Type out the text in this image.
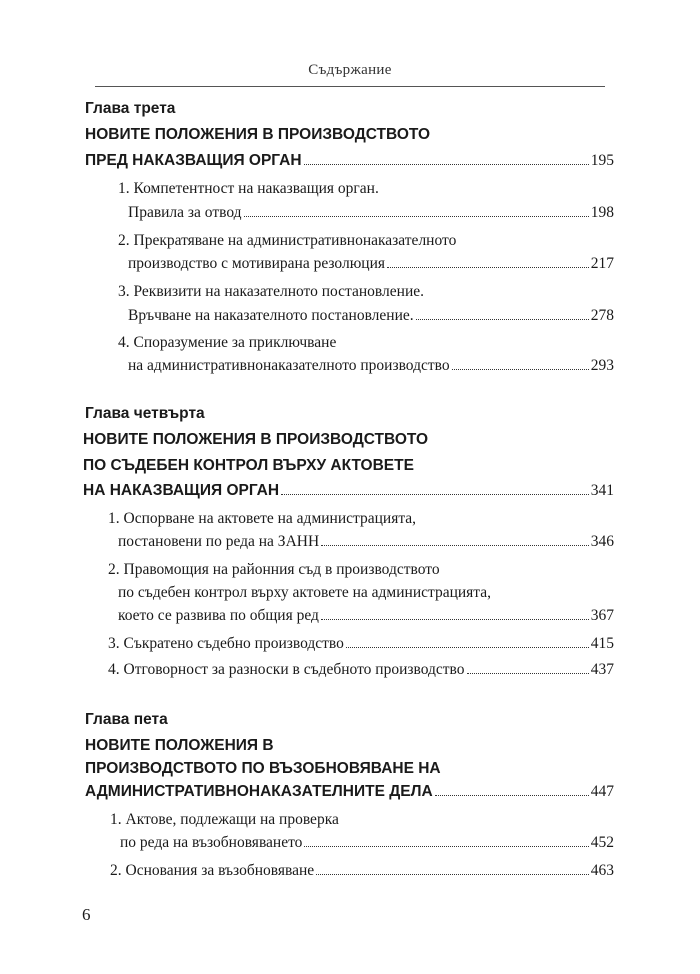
Съдържание
Глава трета
НОВИТЕ ПОЛОЖЕНИЯ В ПРОИЗВОДСТВОТО
ПРЕД НАКАЗВАЩИЯ ОРГАН	195
1. Компетентност на наказващия орган.
Правила за отвод	198
2. Прекратяване на административнонаказателното
производство с мотивирана резолюция	217
3. Реквизити на наказателното постановление.
Връчване на наказателното постановление.	278
4. Споразумение за приключване
на административнонаказателното производство	293
Глава четвърта
НОВИТЕ ПОЛОЖЕНИЯ В ПРОИЗВОДСТВОТО
ПО СЪДЕБЕН КОНТРОЛ ВЪРХУ АКТОВЕТЕ
НА НАКАЗВАЩИЯ ОРГАН	341
1. Оспорване на актовете на администрацията,
постановени по реда на ЗАНН	346
2. Правомощия на районния съд в производството
по съдебен контрол върху актовете на администрацията,
което се развива по общия ред	367
3. Съкратено съдебно производство	415
4. Отговорност за разноски в съдебното производство	437
Глава пета
НОВИТЕ ПОЛОЖЕНИЯ В
ПРОИЗВОДСТВОТО ПО ВЪЗОБНОВЯВАНЕ НА
АДМИНИСТРАТИВНОНАКАЗАТЕЛНИТЕ ДЕЛА	447
1. Актове, подлежащи на проверка
по реда на възобновяването	452
2. Основания за възобновяване	463
6
